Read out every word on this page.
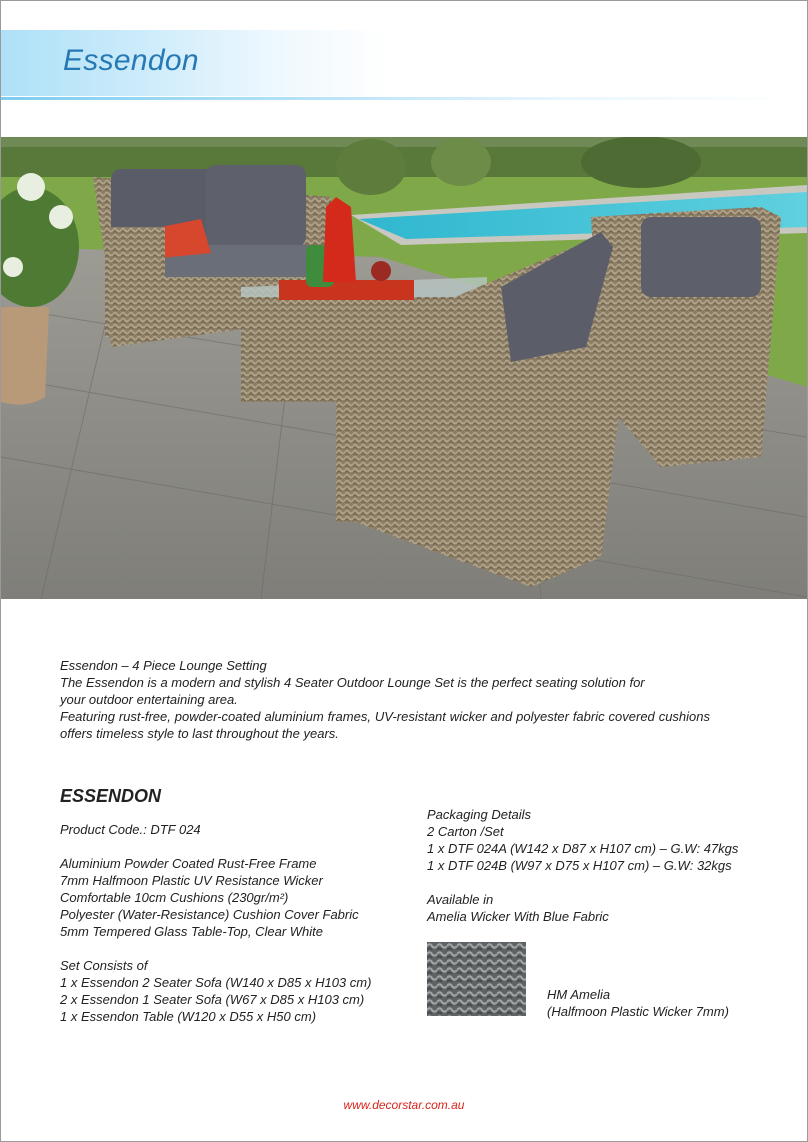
Essendon

Essendon – 4 Piece Lounge Setting

The Essendon is a modern and stylish 4 Seater Outdoor Lounge Set is the perfect seating solution for

your outdoor entertaining area.

Featuring rust-free, powder-coated aluminium frames, UV-resistant wicker and polyester fabric covered cushions offers timeless style to last throughout the years.

ESSENDON
Product Code.: DTF 024
Aluminium Powder Coated Rust-Free Frame
7mm Halfmoon Plastic UV Resistance Wicker
Comfortable 10cm Cushions (230gr/m²)
Polyester (Water-Resistance) Cushion Cover Fabric
5mm Tempered Glass Table-Top, Clear White
Set Consists of
1 x Essendon 2 Seater Sofa (W140 x D85 x H103 cm)
2 x Essendon 1 Seater Sofa (W67 x D85 x H103 cm)
1 x Essendon Table (W120 x D55 x H50 cm)
Packaging Details
2 Carton /Set
1 x DTF 024A (W142 x D87 x H107 cm) – G.W: 47kgs
1 x DTF 024B (W97 x D75 x H107 cm) – G.W: 32kgs
Available in
Amelia Wicker With Blue Fabric
HM Amelia
(Halfmoon Plastic Wicker 7mm)
www.decorstar.com.au
